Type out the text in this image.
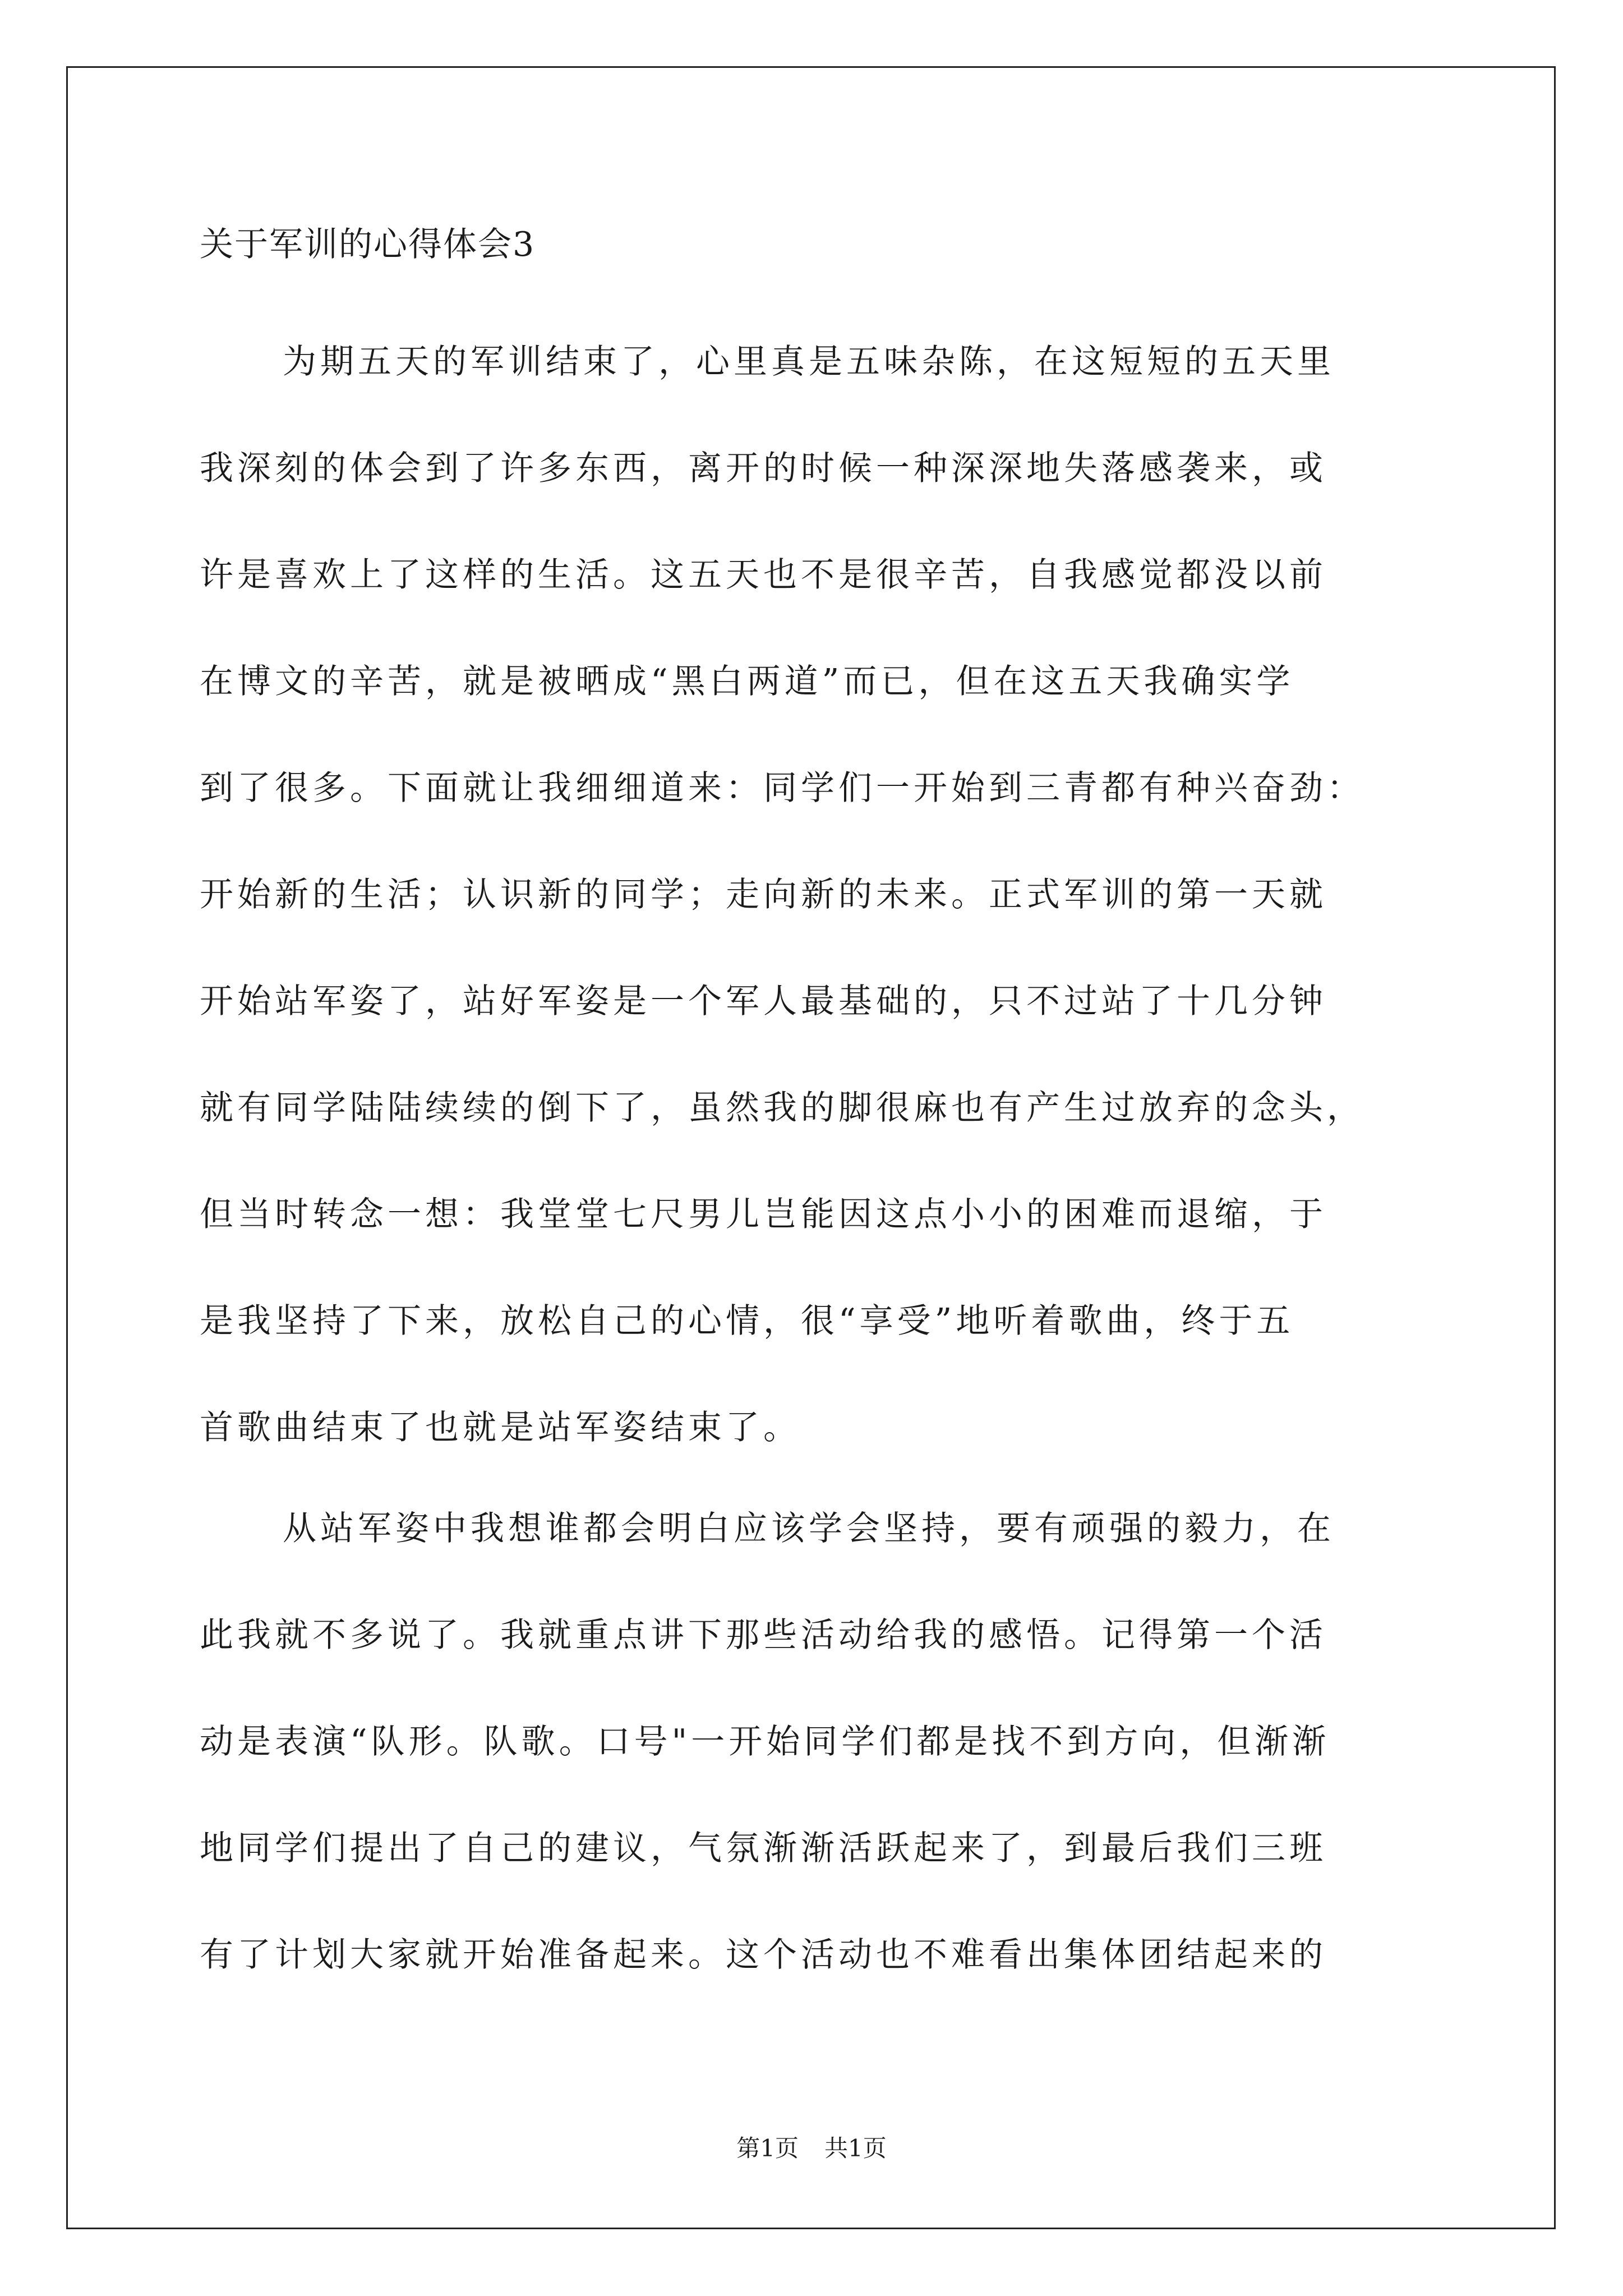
关于军训的心得体会3
为期五天的军训结束了，心里真是五味杂陈，在这短短的五天里
我深刻的体会到了许多东西，离开的时候一种深深地失落感袭来，或
许是喜欢上了这样的生活。这五天也不是很辛苦，自我感觉都没以前
在博文的辛苦，就是被晒成“黑白两道”而已，但在这五天我确实学
到了很多。下面就让我细细道来：同学们一开始到三青都有种兴奋劲：
开始新的生活；认识新的同学；走向新的未来。正式军训的第一天就
开始站军姿了，站好军姿是一个军人最基础的，只不过站了十几分钟
就有同学陆陆续续的倒下了，虽然我的脚很麻也有产生过放弃的念头，
但当时转念一想：我堂堂七尺男儿岂能因这点小小的困难而退缩，于
是我坚持了下来，放松自己的心情，很“享受”地听着歌曲，终于五
首歌曲结束了也就是站军姿结束了。
从站军姿中我想谁都会明白应该学会坚持，要有顽强的毅力，在
此我就不多说了。我就重点讲下那些活动给我的感悟。记得第一个活
动是表演“队形。队歌。口号"一开始同学们都是找不到方向，但渐渐
地同学们提出了自己的建议，气氛渐渐活跃起来了，到最后我们三班
有了计划大家就开始准备起来。这个活动也不难看出集体团结起来的
第1页 共1页
